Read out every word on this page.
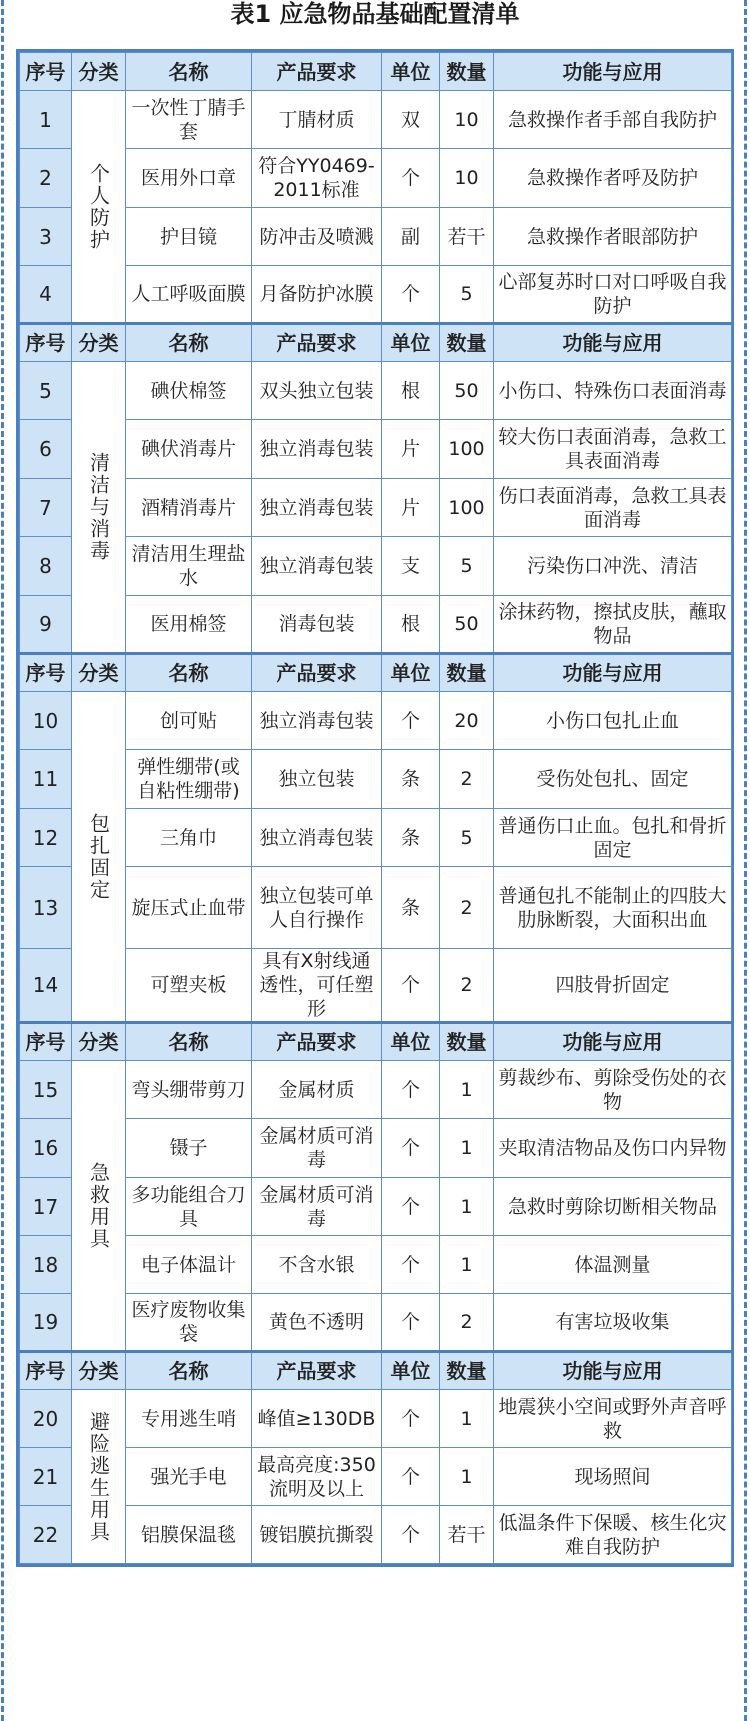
表1 应急物品基础配置清单
序号	分类	名称	产品要求	单位	数量	功能与应用
1	个人防护	一次性丁腈手套	丁腈材质	双	10	急救操作者手部自我防护
2		医用外口章	符合YY0469-2011标准	个	10	急救操作者呼及防护
3		护目镜	防冲击及喷溅	副	若干	急救操作者眼部防护
4		人工呼吸面膜	月备防护冰膜	个	5	心部复苏时口对口呼吸自我防护
序号	分类	名称	产品要求	单位	数量	功能与应用
5	清洁与消毒	碘伏棉签	双头独立包装	根	50	小伤口、特殊伤口表面消毒
6		碘伏消毒片	独立消毒包装	片	100	较大伤口表面消毒，急救工具表面消毒
7		酒精消毒片	独立消毒包装	片	100	伤口表面消毒，急救工具表面消毒
8		清洁用生理盐水	独立消毒包装	支	5	污染伤口冲洗、清洁
9		医用棉签	消毒包装	根	50	涂抹药物，擦拭皮肤，蘸取物品
序号	分类	名称	产品要求	单位	数量	功能与应用
10	包扎固定	创可贴	独立消毒包装	个	20	小伤口包扎止血
11		弹性绷带(或自粘性绷带)	独立包装	条	2	受伤处包扎、固定
12		三角巾	独立消毒包装	条	5	普通伤口止血。包扎和骨折固定
13		旋压式止血带	独立包装可单人自行操作	条	2	普通包扎不能制止的四肢大肋脉断裂，大面积出血
14		可塑夹板	具有X射线通透性，可任塑形	个	2	四肢骨折固定
序号	分类	名称	产品要求	单位	数量	功能与应用
15	急救用具	弯头绷带剪刀	金属材质	个	1	剪裁纱布、剪除受伤处的衣物
16		镊子	金属材质可消毒	个	1	夹取清洁物品及伤口内异物
17		多功能组合刀具	金属材质可消毒	个	1	急救时剪除切断相关物品
18		电子体温计	不含水银	个	1	体温测量
19		医疗废物收集袋	黄色不透明	个	2	有害垃圾收集
序号	分类	名称	产品要求	单位	数量	功能与应用
20	避险逃生用具	专用逃生哨	峰值≥130DB	个	1	地震狭小空间或野外声音呼救
21		强光手电	最高亮度:350流明及以上	个	1	现场照间
22		铝膜保温毯	镀铝膜抗撕裂	个	若干	低温条件下保暖、核生化灾难自我防护
